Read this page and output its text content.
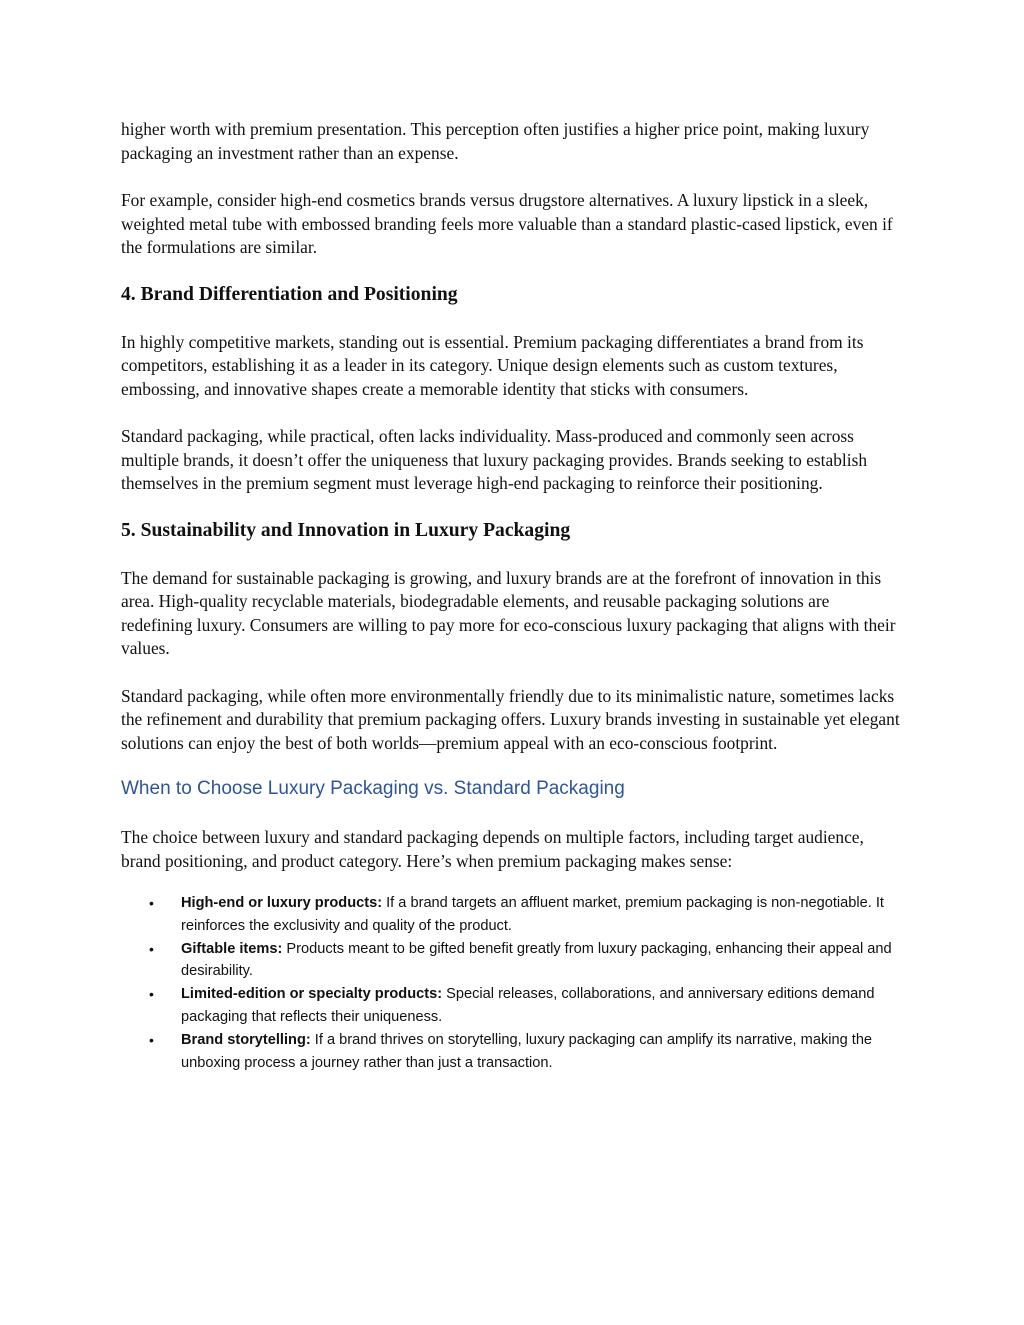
higher worth with premium presentation. This perception often justifies a higher price point, making luxury packaging an investment rather than an expense.

For example, consider high-end cosmetics brands versus drugstore alternatives. A luxury lipstick in a sleek, weighted metal tube with embossed branding feels more valuable than a standard plastic-cased lipstick, even if the formulations are similar.

4. Brand Differentiation and Positioning

In highly competitive markets, standing out is essential. Premium packaging differentiates a brand from its competitors, establishing it as a leader in its category. Unique design elements such as custom textures, embossing, and innovative shapes create a memorable identity that sticks with consumers.

Standard packaging, while practical, often lacks individuality. Mass-produced and commonly seen across multiple brands, it doesn’t offer the uniqueness that luxury packaging provides. Brands seeking to establish themselves in the premium segment must leverage high-end packaging to reinforce their positioning.

5. Sustainability and Innovation in Luxury Packaging

The demand for sustainable packaging is growing, and luxury brands are at the forefront of innovation in this area. High-quality recyclable materials, biodegradable elements, and reusable packaging solutions are redefining luxury. Consumers are willing to pay more for eco-conscious luxury packaging that aligns with their values.

Standard packaging, while often more environmentally friendly due to its minimalistic nature, sometimes lacks the refinement and durability that premium packaging offers. Luxury brands investing in sustainable yet elegant solutions can enjoy the best of both worlds—premium appeal with an eco-conscious footprint.

When to Choose Luxury Packaging vs. Standard Packaging

The choice between luxury and standard packaging depends on multiple factors, including target audience, brand positioning, and product category. Here’s when premium packaging makes sense:

• High-end or luxury products: If a brand targets an affluent market, premium packaging is non-negotiable. It reinforces the exclusivity and quality of the product.
• Giftable items: Products meant to be gifted benefit greatly from luxury packaging, enhancing their appeal and desirability.
• Limited-edition or specialty products: Special releases, collaborations, and anniversary editions demand packaging that reflects their uniqueness.
• Brand storytelling: If a brand thrives on storytelling, luxury packaging can amplify its narrative, making the unboxing process a journey rather than just a transaction.
